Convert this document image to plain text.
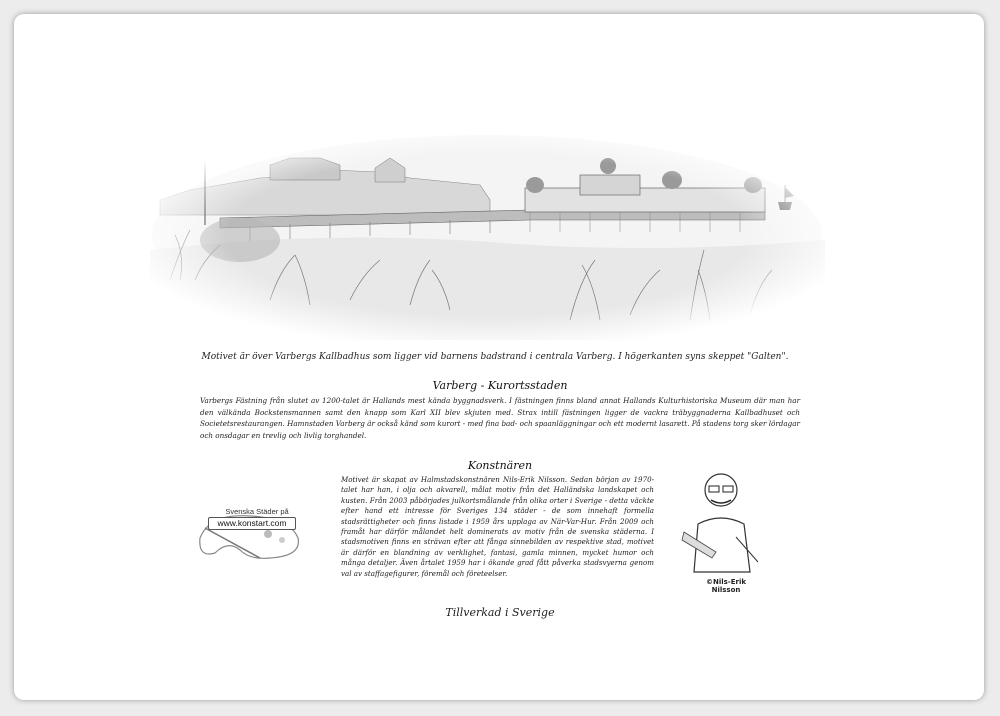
Motivet är över Varbergs Kallbadhus som ligger vid barnens badstrand i centrala Varberg. I högerkanten syns skeppet "Galten".
Varberg - Kurortsstaden
Varbergs Fästning från slutet av 1200-talet är Hallands mest kända byggnadsverk. I fästningen finns bland annat Hallands Kulturhistoriska Museum där man har den välkända Bockstensmannen samt den knapp som Karl XII blev skjuten med. Strax intill fästningen ligger de vackra träbyggnaderna Kallbadhuset och Societetsrestaurangen. Hamnstaden Varberg är också känd som kurort - med fina bad- och spaanläggningar och ett modernt lasarett. På stadens torg sker lördagar och onsdagar en trevlig och livlig torghandel.
Konstnären
Motivet är skapat av Halmstadskonstnären Nils-Erik Nilsson. Sedan början av 1970-talet har han, i olja och akvarell, målat motiv från det Halländska landskapet och kusten. Från 2003 påbörjades julkortsmålande från olika orter i Sverige - detta väckte efter hand ett intresse för Sveriges 134 städer - de som innehaft formella stadsrättigheter och finns listade i 1959 års upplaga av När-Var-Hur. Från 2009 och framåt har därför målandet helt dominerats av motiv från de svenska städerna. I stadsmotiven finns en strävan efter att fånga sinnebilden av respektive stad, motivet är därför en blandning av verklighet, fantasi, gamla minnen, mycket humor och många detaljer. Även årtalet 1959 har i ökande grad fått påverka stadsvyerna genom val av staffagefigurer, föremål och företeelser.
Svenska Städer på
www.konstart.com
©Nils-Erik
Nilsson
Tillverkad i Sverige
